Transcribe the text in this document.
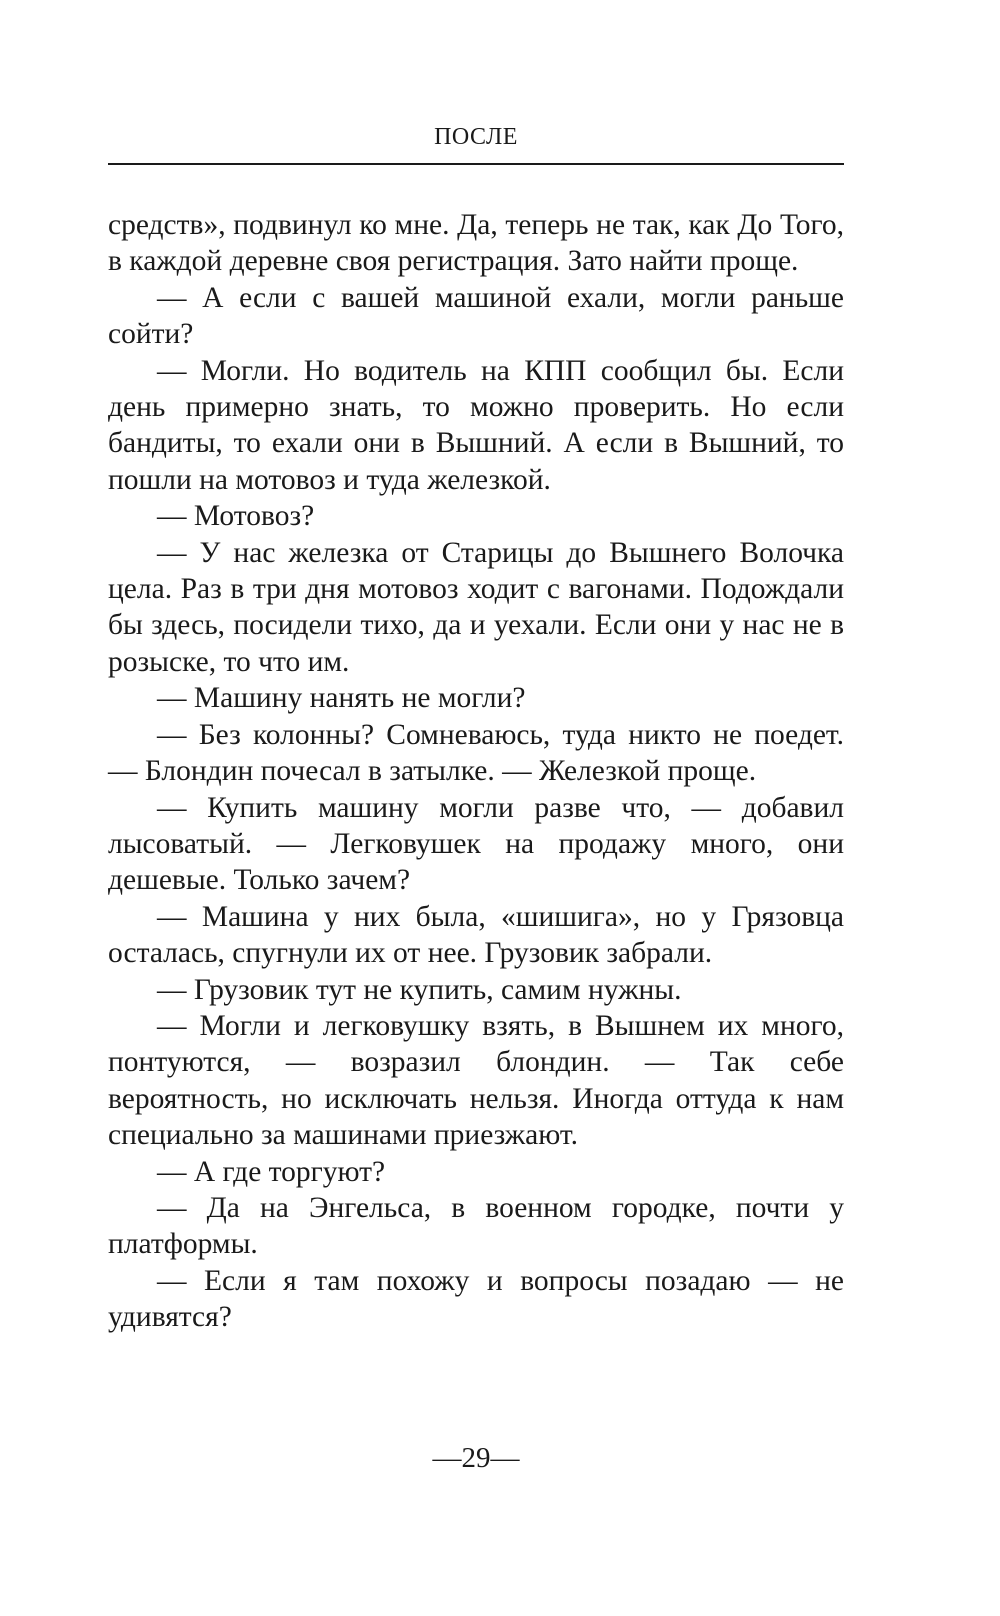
ПОСЛЕ

средств», подвинул ко мне. Да, теперь не так, как До Того, в каждой деревне своя регистрация. Зато найти проще.

— А если с вашей машиной ехали, могли раньше сойти?

— Могли. Но водитель на КПП сообщил бы. Если день примерно знать, то можно проверить. Но если бандиты, то ехали они в Вышний. А если в Вышний, то пошли на мотовоз и туда железкой.

— Мотовоз?

— У нас железка от Старицы до Вышнего Волочка цела. Раз в три дня мотовоз ходит с вагонами. Подождали бы здесь, посидели тихо, да и уехали. Если они у нас не в розыске, то что им.

— Машину нанять не могли?

— Без колонны? Сомневаюсь, туда никто не поедет. — Блондин почесал в затылке. — Железкой проще.

— Купить машину могли разве что, — добавил лысоватый. — Легковушек на продажу много, они дешевые. Только зачем?

— Машина у них была, «шишига», но у Грязовца осталась, спугнули их от нее. Грузовик забрали.

— Грузовик тут не купить, самим нужны.

— Могли и легковушку взять, в Вышнем их много, понтуются, — возразил блондин. — Так себе вероятность, но исключать нельзя. Иногда оттуда к нам специально за машинами приезжают.

— А где торгуют?

— Да на Энгельса, в военном городке, почти у платформы.

— Если я там похожу и вопросы позадаю — не удивятся?

—29—
